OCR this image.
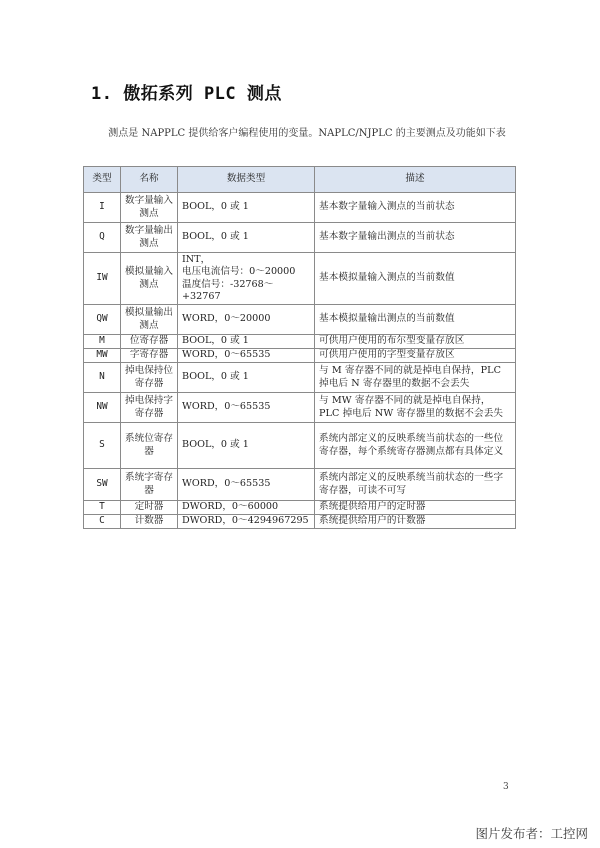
1. 傲拓系列 PLC 测点

测点是 NAPPLC 提供给客户编程使用的变量。NAPLC/NJPLC 的主要测点及功能如下表

类型	名称	数据类型	描述
I	数字量输入测点	BOOL，0 或 1	基本数字量输入测点的当前状态
Q	数字量输出测点	BOOL，0 或 1	基本数字量输出测点的当前状态
IW	模拟量输入测点	INT，
电压电流信号：0～20000
温度信号：-32768～+32767	基本模拟量输入测点的当前数值
QW	模拟量输出测点	WORD，0～20000	基本模拟量输出测点的当前数值
M	位寄存器	BOOL，0 或 1	可供用户使用的布尔型变量存放区
MW	字寄存器	WORD，0～65535	可供用户使用的字型变量存放区
N	掉电保持位寄存器	BOOL，0 或 1	与 M 寄存器不同的就是掉电自保持，PLC 掉电后 N 寄存器里的数据不会丢失
NW	掉电保持字寄存器	WORD，0～65535	与 MW 寄存器不同的就是掉电自保持，PLC 掉电后 NW 寄存器里的数据不会丢失
S	系统位寄存器	BOOL，0 或 1	系统内部定义的反映系统当前状态的一些位寄存器，每个系统寄存器测点都有具体定义
SW	系统字寄存器	WORD，0～65535	系统内部定义的反映系统当前状态的一些字寄存器，可读不可写
T	定时器	DWORD，0～60000	系统提供给用户的定时器
C	计数器	DWORD，0～4294967295	系统提供给用户的计数器
3
图片发布者：工控网
